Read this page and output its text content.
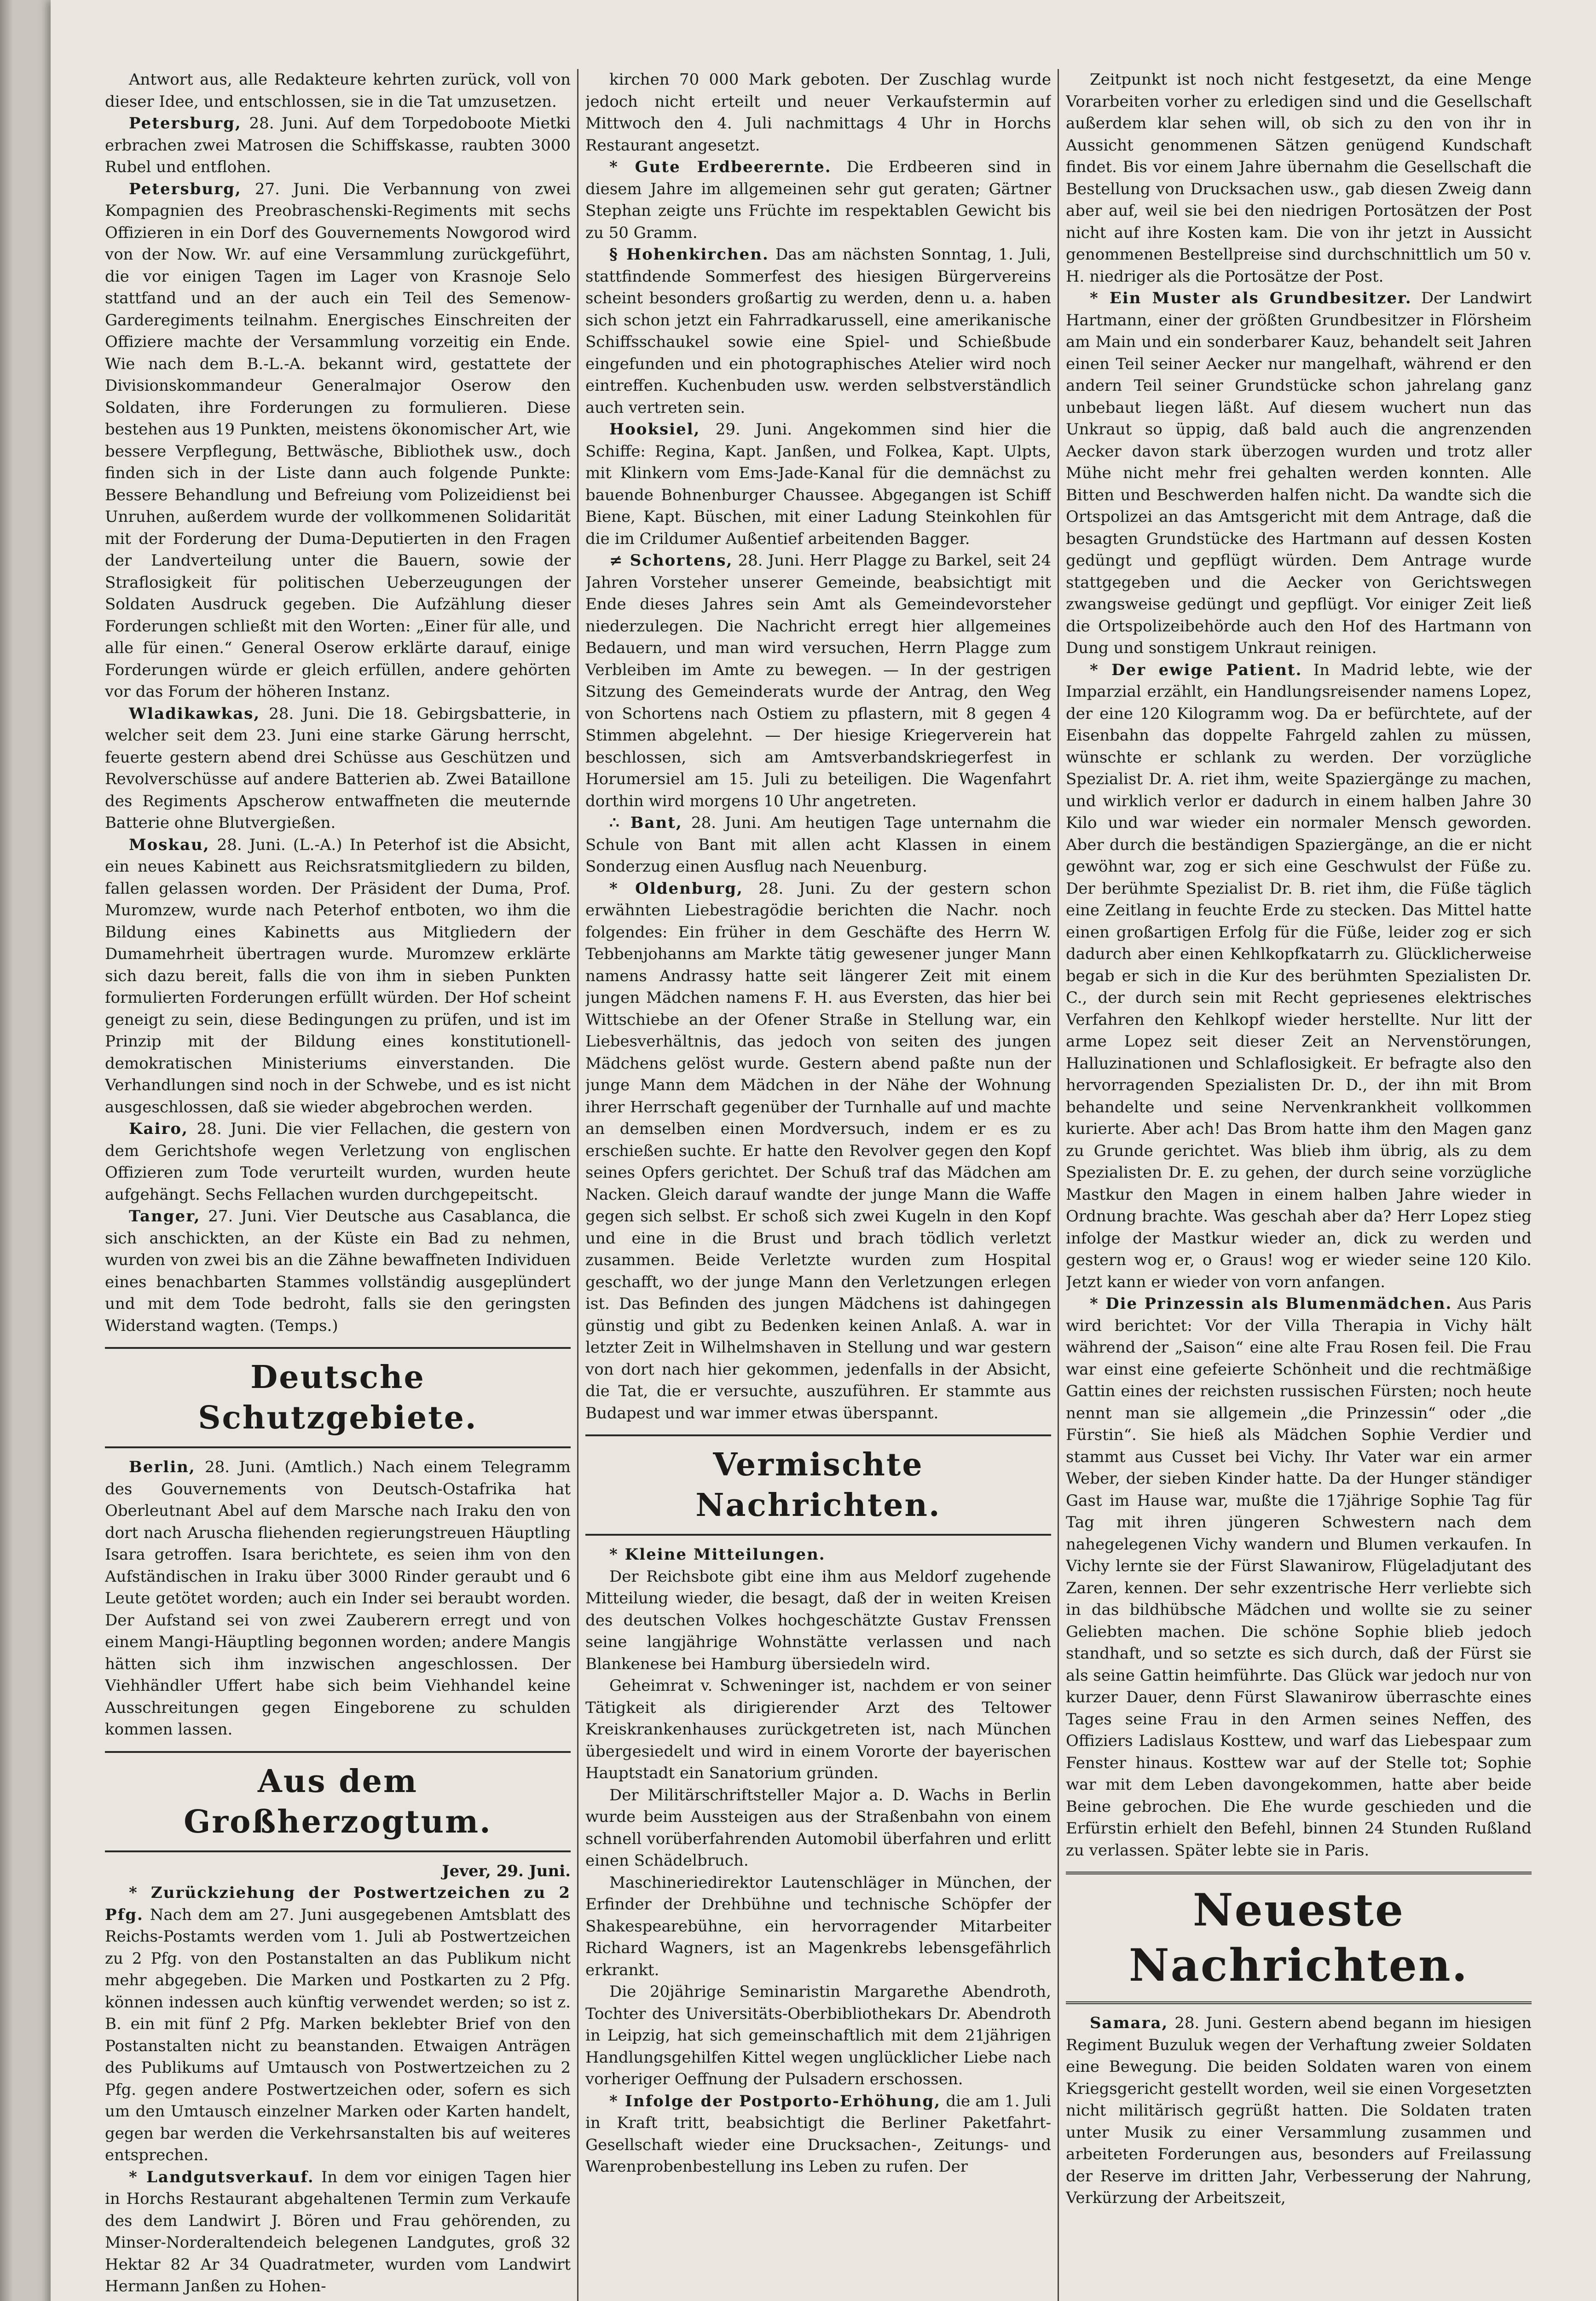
Antwort aus, alle Redakteure kehrten zurück, voll von dieser Idee, und entschlossen, sie in die Tat umzusetzen.

Petersburg, 28. Juni. Auf dem Torpedoboote Mietki erbrachen zwei Matrosen die Schiffskasse, raubten 3000 Rubel und entflohen.

Petersburg, 27. Juni. Die Verbannung von zwei Kompagnien des Preobraschenski-Regiments mit sechs Offizieren in ein Dorf des Gouvernements Nowgorod wird von der Now. Wr. auf eine Versammlung zurückgeführt, die vor einigen Tagen im Lager von Krasnoje Selo stattfand und an der auch ein Teil des Semenow-Garderegiments teilnahm. Energisches Einschreiten der Offiziere machte der Versammlung vorzeitig ein Ende. Wie nach dem B.-L.-A. bekannt wird, gestattete der Divisionskommandeur Generalmajor Oserow den Soldaten, ihre Forderungen zu formulieren. Diese bestehen aus 19 Punkten, meistens ökonomischer Art, wie bessere Verpflegung, Bettwäsche, Bibliothek usw., doch finden sich in der Liste dann auch folgende Punkte: Bessere Behandlung und Befreiung vom Polizeidienst bei Unruhen, außerdem wurde der vollkommenen Solidarität mit der Forderung der Duma-Deputierten in den Fragen der Landverteilung unter die Bauern, sowie der Straflosigkeit für politischen Ueberzeugungen der Soldaten Ausdruck gegeben. Die Aufzählung dieser Forderungen schließt mit den Worten: „Einer für alle, und alle für einen.“ General Oserow erklärte darauf, einige Forderungen würde er gleich erfüllen, andere gehörten vor das Forum der höheren Instanz.

Wladikawkas, 28. Juni. Die 18. Gebirgsbatterie, in welcher seit dem 23. Juni eine starke Gärung herrscht, feuerte gestern abend drei Schüsse aus Geschützen und Revolverschüsse auf andere Batterien ab. Zwei Bataillone des Regiments Apscherow entwaffneten die meuternde Batterie ohne Blutvergießen.

Moskau, 28. Juni. (L.-A.) In Peterhof ist die Absicht, ein neues Kabinett aus Reichsratsmitgliedern zu bilden, fallen gelassen worden. Der Präsident der Duma, Prof. Muromzew, wurde nach Peterhof entboten, wo ihm die Bildung eines Kabinetts aus Mitgliedern der Dumamehrheit übertragen wurde. Muromzew erklärte sich dazu bereit, falls die von ihm in sieben Punkten formulierten Forderungen erfüllt würden. Der Hof scheint geneigt zu sein, diese Bedingungen zu prüfen, und ist im Prinzip mit der Bildung eines konstitutionell-demokratischen Ministeriums einverstanden. Die Verhandlungen sind noch in der Schwebe, und es ist nicht ausgeschlossen, daß sie wieder abgebrochen werden.

Kairo, 28. Juni. Die vier Fellachen, die gestern von dem Gerichtshofe wegen Verletzung von englischen Offizieren zum Tode verurteilt wurden, wurden heute aufgehängt. Sechs Fellachen wurden durchgepeitscht.

Tanger, 27. Juni. Vier Deutsche aus Casablanca, die sich anschickten, an der Küste ein Bad zu nehmen, wurden von zwei bis an die Zähne bewaffneten Individuen eines benachbarten Stammes vollständig ausgeplündert und mit dem Tode bedroht, falls sie den geringsten Widerstand wagten. (Temps.)

Deutsche Schutzgebiete.

Berlin, 28. Juni. (Amtlich.) Nach einem Telegramm des Gouvernements von Deutsch-Ostafrika hat Oberleutnant Abel auf dem Marsche nach Iraku den von dort nach Aruscha fliehenden regierungstreuen Häuptling Isara getroffen. Isara berichtete, es seien ihm von den Aufständischen in Iraku über 3000 Rinder geraubt und 6 Leute getötet worden; auch ein Inder sei beraubt worden. Der Aufstand sei von zwei Zauberern erregt und von einem Mangi-Häuptling begonnen worden; andere Mangis hätten sich ihm inzwischen angeschlossen. Der Viehhändler Uffert habe sich beim Viehhandel keine Ausschreitungen gegen Eingeborene zu schulden kommen lassen.

Aus dem Großherzogtum.

Jever, 29. Juni.

* Zurückziehung der Postwertzeichen zu 2 Pfg. Nach dem am 27. Juni ausgegebenen Amtsblatt des Reichs-Postamts werden vom 1. Juli ab Postwertzeichen zu 2 Pfg. von den Postanstalten an das Publikum nicht mehr abgegeben. Die Marken und Postkarten zu 2 Pfg. können indessen auch künftig verwendet werden; so ist z. B. ein mit fünf 2 Pfg. Marken beklebter Brief von den Postanstalten nicht zu beanstanden. Etwaigen Anträgen des Publikums auf Umtausch von Postwertzeichen zu 2 Pfg. gegen andere Postwertzeichen oder, sofern es sich um den Umtausch einzelner Marken oder Karten handelt, gegen bar werden die Verkehrsanstalten bis auf weiteres entsprechen.

* Landgutsverkauf. In dem vor einigen Tagen hier in Horchs Restaurant abgehaltenen Termin zum Verkaufe des dem Landwirt J. Bören und Frau gehörenden, zu Minser-Norderaltendeich belegenen Landgutes, groß 32 Hektar 82 Ar 34 Quadratmeter, wurden vom Landwirt Hermann Janßen zu Hohen-

kirchen 70 000 Mark geboten. Der Zuschlag wurde jedoch nicht erteilt und neuer Verkaufstermin auf Mittwoch den 4. Juli nachmittags 4 Uhr in Horchs Restaurant angesetzt.

* Gute Erdbeerernte. Die Erdbeeren sind in diesem Jahre im allgemeinen sehr gut geraten; Gärtner Stephan zeigte uns Früchte im respektablen Gewicht bis zu 50 Gramm.

§ Hohenkirchen. Das am nächsten Sonntag, 1. Juli, stattfindende Sommerfest des hiesigen Bürgervereins scheint besonders großartig zu werden, denn u. a. haben sich schon jetzt ein Fahrradkarussell, eine amerikanische Schiffsschaukel sowie eine Spiel- und Schießbude eingefunden und ein photographisches Atelier wird noch eintreffen. Kuchenbuden usw. werden selbstverständlich auch vertreten sein.

Hooksiel, 29. Juni. Angekommen sind hier die Schiffe: Regina, Kapt. Janßen, und Folkea, Kapt. Ulpts, mit Klinkern vom Ems-Jade-Kanal für die demnächst zu bauende Bohnenburger Chaussee. Abgegangen ist Schiff Biene, Kapt. Büschen, mit einer Ladung Steinkohlen für die im Crildumer Außentief arbeitenden Bagger.

≠ Schortens, 28. Juni. Herr Plagge zu Barkel, seit 24 Jahren Vorsteher unserer Gemeinde, beabsichtigt mit Ende dieses Jahres sein Amt als Gemeindevorsteher niederzulegen. Die Nachricht erregt hier allgemeines Bedauern, und man wird versuchen, Herrn Plagge zum Verbleiben im Amte zu bewegen. — In der gestrigen Sitzung des Gemeinderats wurde der Antrag, den Weg von Schortens nach Ostiem zu pflastern, mit 8 gegen 4 Stimmen abgelehnt. — Der hiesige Kriegerverein hat beschlossen, sich am Amtsverbandskriegerfest in Horumersiel am 15. Juli zu beteiligen. Die Wagenfahrt dorthin wird morgens 10 Uhr angetreten.

∴ Bant, 28. Juni. Am heutigen Tage unternahm die Schule von Bant mit allen acht Klassen in einem Sonderzug einen Ausflug nach Neuenburg.

* Oldenburg, 28. Juni. Zu der gestern schon erwähnten Liebestragödie berichten die Nachr. noch folgendes: Ein früher in dem Geschäfte des Herrn W. Tebbenjohanns am Markte tätig gewesener junger Mann namens Andrassy hatte seit längerer Zeit mit einem jungen Mädchen namens F. H. aus Eversten, das hier bei Wittschiebe an der Ofener Straße in Stellung war, ein Liebesverhältnis, das jedoch von seiten des jungen Mädchens gelöst wurde. Gestern abend paßte nun der junge Mann dem Mädchen in der Nähe der Wohnung ihrer Herrschaft gegenüber der Turnhalle auf und machte an demselben einen Mordversuch, indem er es zu erschießen suchte. Er hatte den Revolver gegen den Kopf seines Opfers gerichtet. Der Schuß traf das Mädchen am Nacken. Gleich darauf wandte der junge Mann die Waffe gegen sich selbst. Er schoß sich zwei Kugeln in den Kopf und eine in die Brust und brach tödlich verletzt zusammen. Beide Verletzte wurden zum Hospital geschafft, wo der junge Mann den Verletzungen erlegen ist. Das Befinden des jungen Mädchens ist dahingegen günstig und gibt zu Bedenken keinen Anlaß. A. war in letzter Zeit in Wilhelmshaven in Stellung und war gestern von dort nach hier gekommen, jedenfalls in der Absicht, die Tat, die er versuchte, auszuführen. Er stammte aus Budapest und war immer etwas überspannt.

Vermischte Nachrichten.

* Kleine Mitteilungen.

Der Reichsbote gibt eine ihm aus Meldorf zugehende Mitteilung wieder, die besagt, daß der in weiten Kreisen des deutschen Volkes hochgeschätzte Gustav Frenssen seine langjährige Wohnstätte verlassen und nach Blankenese bei Hamburg übersiedeln wird.

Geheimrat v. Schweninger ist, nachdem er von seiner Tätigkeit als dirigierender Arzt des Teltower Kreiskrankenhauses zurückgetreten ist, nach München übergesiedelt und wird in einem Vororte der bayerischen Hauptstadt ein Sanatorium gründen.

Der Militärschriftsteller Major a. D. Wachs in Berlin wurde beim Aussteigen aus der Straßenbahn von einem schnell vorüberfahrenden Automobil überfahren und erlitt einen Schädelbruch.

Maschineriedirektor Lautenschläger in München, der Erfinder der Drehbühne und technische Schöpfer der Shakespearebühne, ein hervorragender Mitarbeiter Richard Wagners, ist an Magenkrebs lebensgefährlich erkrankt.

Die 20jährige Seminaristin Margarethe Abendroth, Tochter des Universitäts-Oberbibliothekars Dr. Abendroth in Leipzig, hat sich gemeinschaftlich mit dem 21jährigen Handlungsgehilfen Kittel wegen unglücklicher Liebe nach vorheriger Oeffnung der Pulsadern erschossen.

* Infolge der Postporto-Erhöhung, die am 1. Juli in Kraft tritt, beabsichtigt die Berliner Paketfahrt-Gesellschaft wieder eine Drucksachen-, Zeitungs- und Warenprobenbestellung ins Leben zu rufen. Der

Zeitpunkt ist noch nicht festgesetzt, da eine Menge Vorarbeiten vorher zu erledigen sind und die Gesellschaft außerdem klar sehen will, ob sich zu den von ihr in Aussicht genommenen Sätzen genügend Kundschaft findet. Bis vor einem Jahre übernahm die Gesellschaft die Bestellung von Drucksachen usw., gab diesen Zweig dann aber auf, weil sie bei den niedrigen Portosätzen der Post nicht auf ihre Kosten kam. Die von ihr jetzt in Aussicht genommenen Bestellpreise sind durchschnittlich um 50 v. H. niedriger als die Portosätze der Post.

* Ein Muster als Grundbesitzer. Der Landwirt Hartmann, einer der größten Grundbesitzer in Flörsheim am Main und ein sonderbarer Kauz, behandelt seit Jahren einen Teil seiner Aecker nur mangelhaft, während er den andern Teil seiner Grundstücke schon jahrelang ganz unbebaut liegen läßt. Auf diesem wuchert nun das Unkraut so üppig, daß bald auch die angrenzenden Aecker davon stark überzogen wurden und trotz aller Mühe nicht mehr frei gehalten werden konnten. Alle Bitten und Beschwerden halfen nicht. Da wandte sich die Ortspolizei an das Amtsgericht mit dem Antrage, daß die besagten Grundstücke des Hartmann auf dessen Kosten gedüngt und gepflügt würden. Dem Antrage wurde stattgegeben und die Aecker von Gerichtswegen zwangsweise gedüngt und gepflügt. Vor einiger Zeit ließ die Ortspolizeibehörde auch den Hof des Hartmann von Dung und sonstigem Unkraut reinigen.

* Der ewige Patient. In Madrid lebte, wie der Imparzial erzählt, ein Handlungsreisender namens Lopez, der eine 120 Kilogramm wog. Da er befürchtete, auf der Eisenbahn das doppelte Fahrgeld zahlen zu müssen, wünschte er schlank zu werden. Der vorzügliche Spezialist Dr. A. riet ihm, weite Spaziergänge zu machen, und wirklich verlor er dadurch in einem halben Jahre 30 Kilo und war wieder ein normaler Mensch geworden. Aber durch die beständigen Spaziergänge, an die er nicht gewöhnt war, zog er sich eine Geschwulst der Füße zu. Der berühmte Spezialist Dr. B. riet ihm, die Füße täglich eine Zeitlang in feuchte Erde zu stecken. Das Mittel hatte einen großartigen Erfolg für die Füße, leider zog er sich dadurch aber einen Kehlkopfkatarrh zu. Glücklicherweise begab er sich in die Kur des berühmten Spezialisten Dr. C., der durch sein mit Recht gepriesenes elektrisches Verfahren den Kehlkopf wieder herstellte. Nur litt der arme Lopez seit dieser Zeit an Nervenstörungen, Halluzinationen und Schlaflosigkeit. Er befragte also den hervorragenden Spezialisten Dr. D., der ihn mit Brom behandelte und seine Nervenkrankheit vollkommen kurierte. Aber ach! Das Brom hatte ihm den Magen ganz zu Grunde gerichtet. Was blieb ihm übrig, als zu dem Spezialisten Dr. E. zu gehen, der durch seine vorzügliche Mastkur den Magen in einem halben Jahre wieder in Ordnung brachte. Was geschah aber da? Herr Lopez stieg infolge der Mastkur wieder an, dick zu werden und gestern wog er, o Graus! wog er wieder seine 120 Kilo. Jetzt kann er wieder von vorn anfangen.

* Die Prinzessin als Blumenmädchen. Aus Paris wird berichtet: Vor der Villa Therapia in Vichy hält während der „Saison“ eine alte Frau Rosen feil. Die Frau war einst eine gefeierte Schönheit und die rechtmäßige Gattin eines der reichsten russischen Fürsten; noch heute nennt man sie allgemein „die Prinzessin“ oder „die Fürstin“. Sie hieß als Mädchen Sophie Verdier und stammt aus Cusset bei Vichy. Ihr Vater war ein armer Weber, der sieben Kinder hatte. Da der Hunger ständiger Gast im Hause war, mußte die 17jährige Sophie Tag für Tag mit ihren jüngeren Schwestern nach dem nahegelegenen Vichy wandern und Blumen verkaufen. In Vichy lernte sie der Fürst Slawanirow, Flügeladjutant des Zaren, kennen. Der sehr exzentrische Herr verliebte sich in das bildhübsche Mädchen und wollte sie zu seiner Geliebten machen. Die schöne Sophie blieb jedoch standhaft, und so setzte es sich durch, daß der Fürst sie als seine Gattin heimführte. Das Glück war jedoch nur von kurzer Dauer, denn Fürst Slawanirow überraschte eines Tages seine Frau in den Armen seines Neffen, des Offiziers Ladislaus Kosttew, und warf das Liebespaar zum Fenster hinaus. Kosttew war auf der Stelle tot; Sophie war mit dem Leben davongekommen, hatte aber beide Beine gebrochen. Die Ehe wurde geschieden und die Erfürstin erhielt den Befehl, binnen 24 Stunden Rußland zu verlassen. Später lebte sie in Paris.

Neueste Nachrichten.

Samara, 28. Juni. Gestern abend begann im hiesigen Regiment Buzuluk wegen der Verhaftung zweier Soldaten eine Bewegung. Die beiden Soldaten waren von einem Kriegsgericht gestellt worden, weil sie einen Vorgesetzten nicht militärisch gegrüßt hatten. Die Soldaten traten unter Musik zu einer Versammlung zusammen und arbeiteten Forderungen aus, besonders auf Freilassung der Reserve im dritten Jahr, Verbesserung der Nahrung, Verkürzung der Arbeitszeit,
